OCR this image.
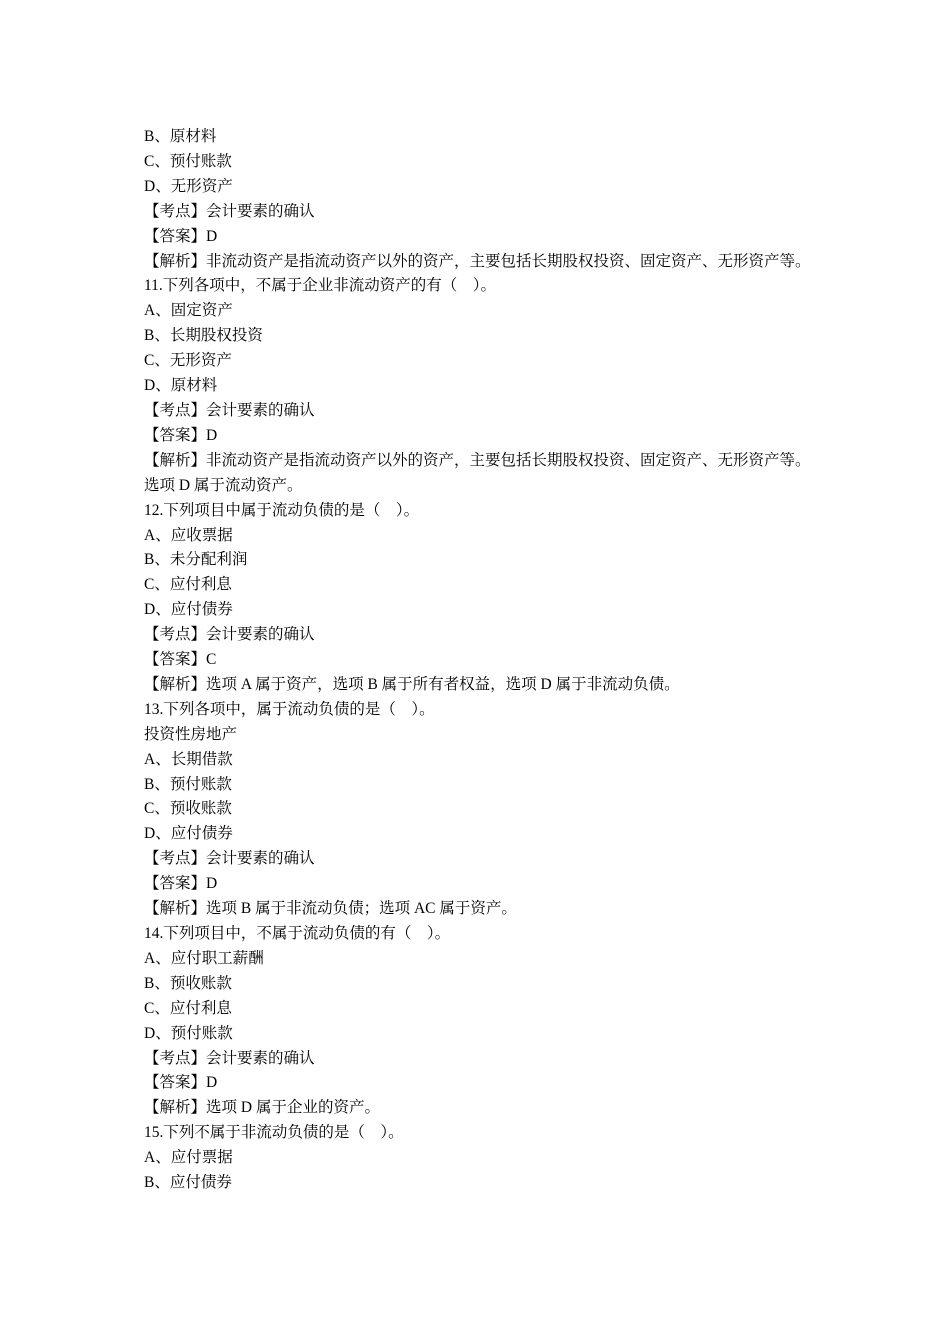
B、原材料

C、预付账款

D、无形资产

【考点】会计要素的确认

【答案】D

【解析】非流动资产是指流动资产以外的资产，主要包括长期股权投资、固定资产、无形资产等。

11.下列各项中，不属于企业非流动资产的有（　）。

A、固定资产

B、长期股权投资

C、无形资产

D、原材料

【考点】会计要素的确认

【答案】D

【解析】非流动资产是指流动资产以外的资产，主要包括长期股权投资、固定资产、无形资产等。选项 D 属于流动资产。

12.下列项目中属于流动负债的是（　）。

A、应收票据

B、未分配利润

C、应付利息

D、应付债券

【考点】会计要素的确认

【答案】C

【解析】选项 A 属于资产，选项 B 属于所有者权益，选项 D 属于非流动负债。

13.下列各项中，属于流动负债的是（　）。

投资性房地产

A、长期借款

B、预付账款

C、预收账款

D、应付债券

【考点】会计要素的确认

【答案】D

【解析】选项 B 属于非流动负债；选项 AC 属于资产。

14.下列项目中，不属于流动负债的有（　）。

A、应付职工薪酬

B、预收账款

C、应付利息

D、预付账款

【考点】会计要素的确认

【答案】D

【解析】选项 D 属于企业的资产。

15.下列不属于非流动负债的是（　）。

A、应付票据

B、应付债券
